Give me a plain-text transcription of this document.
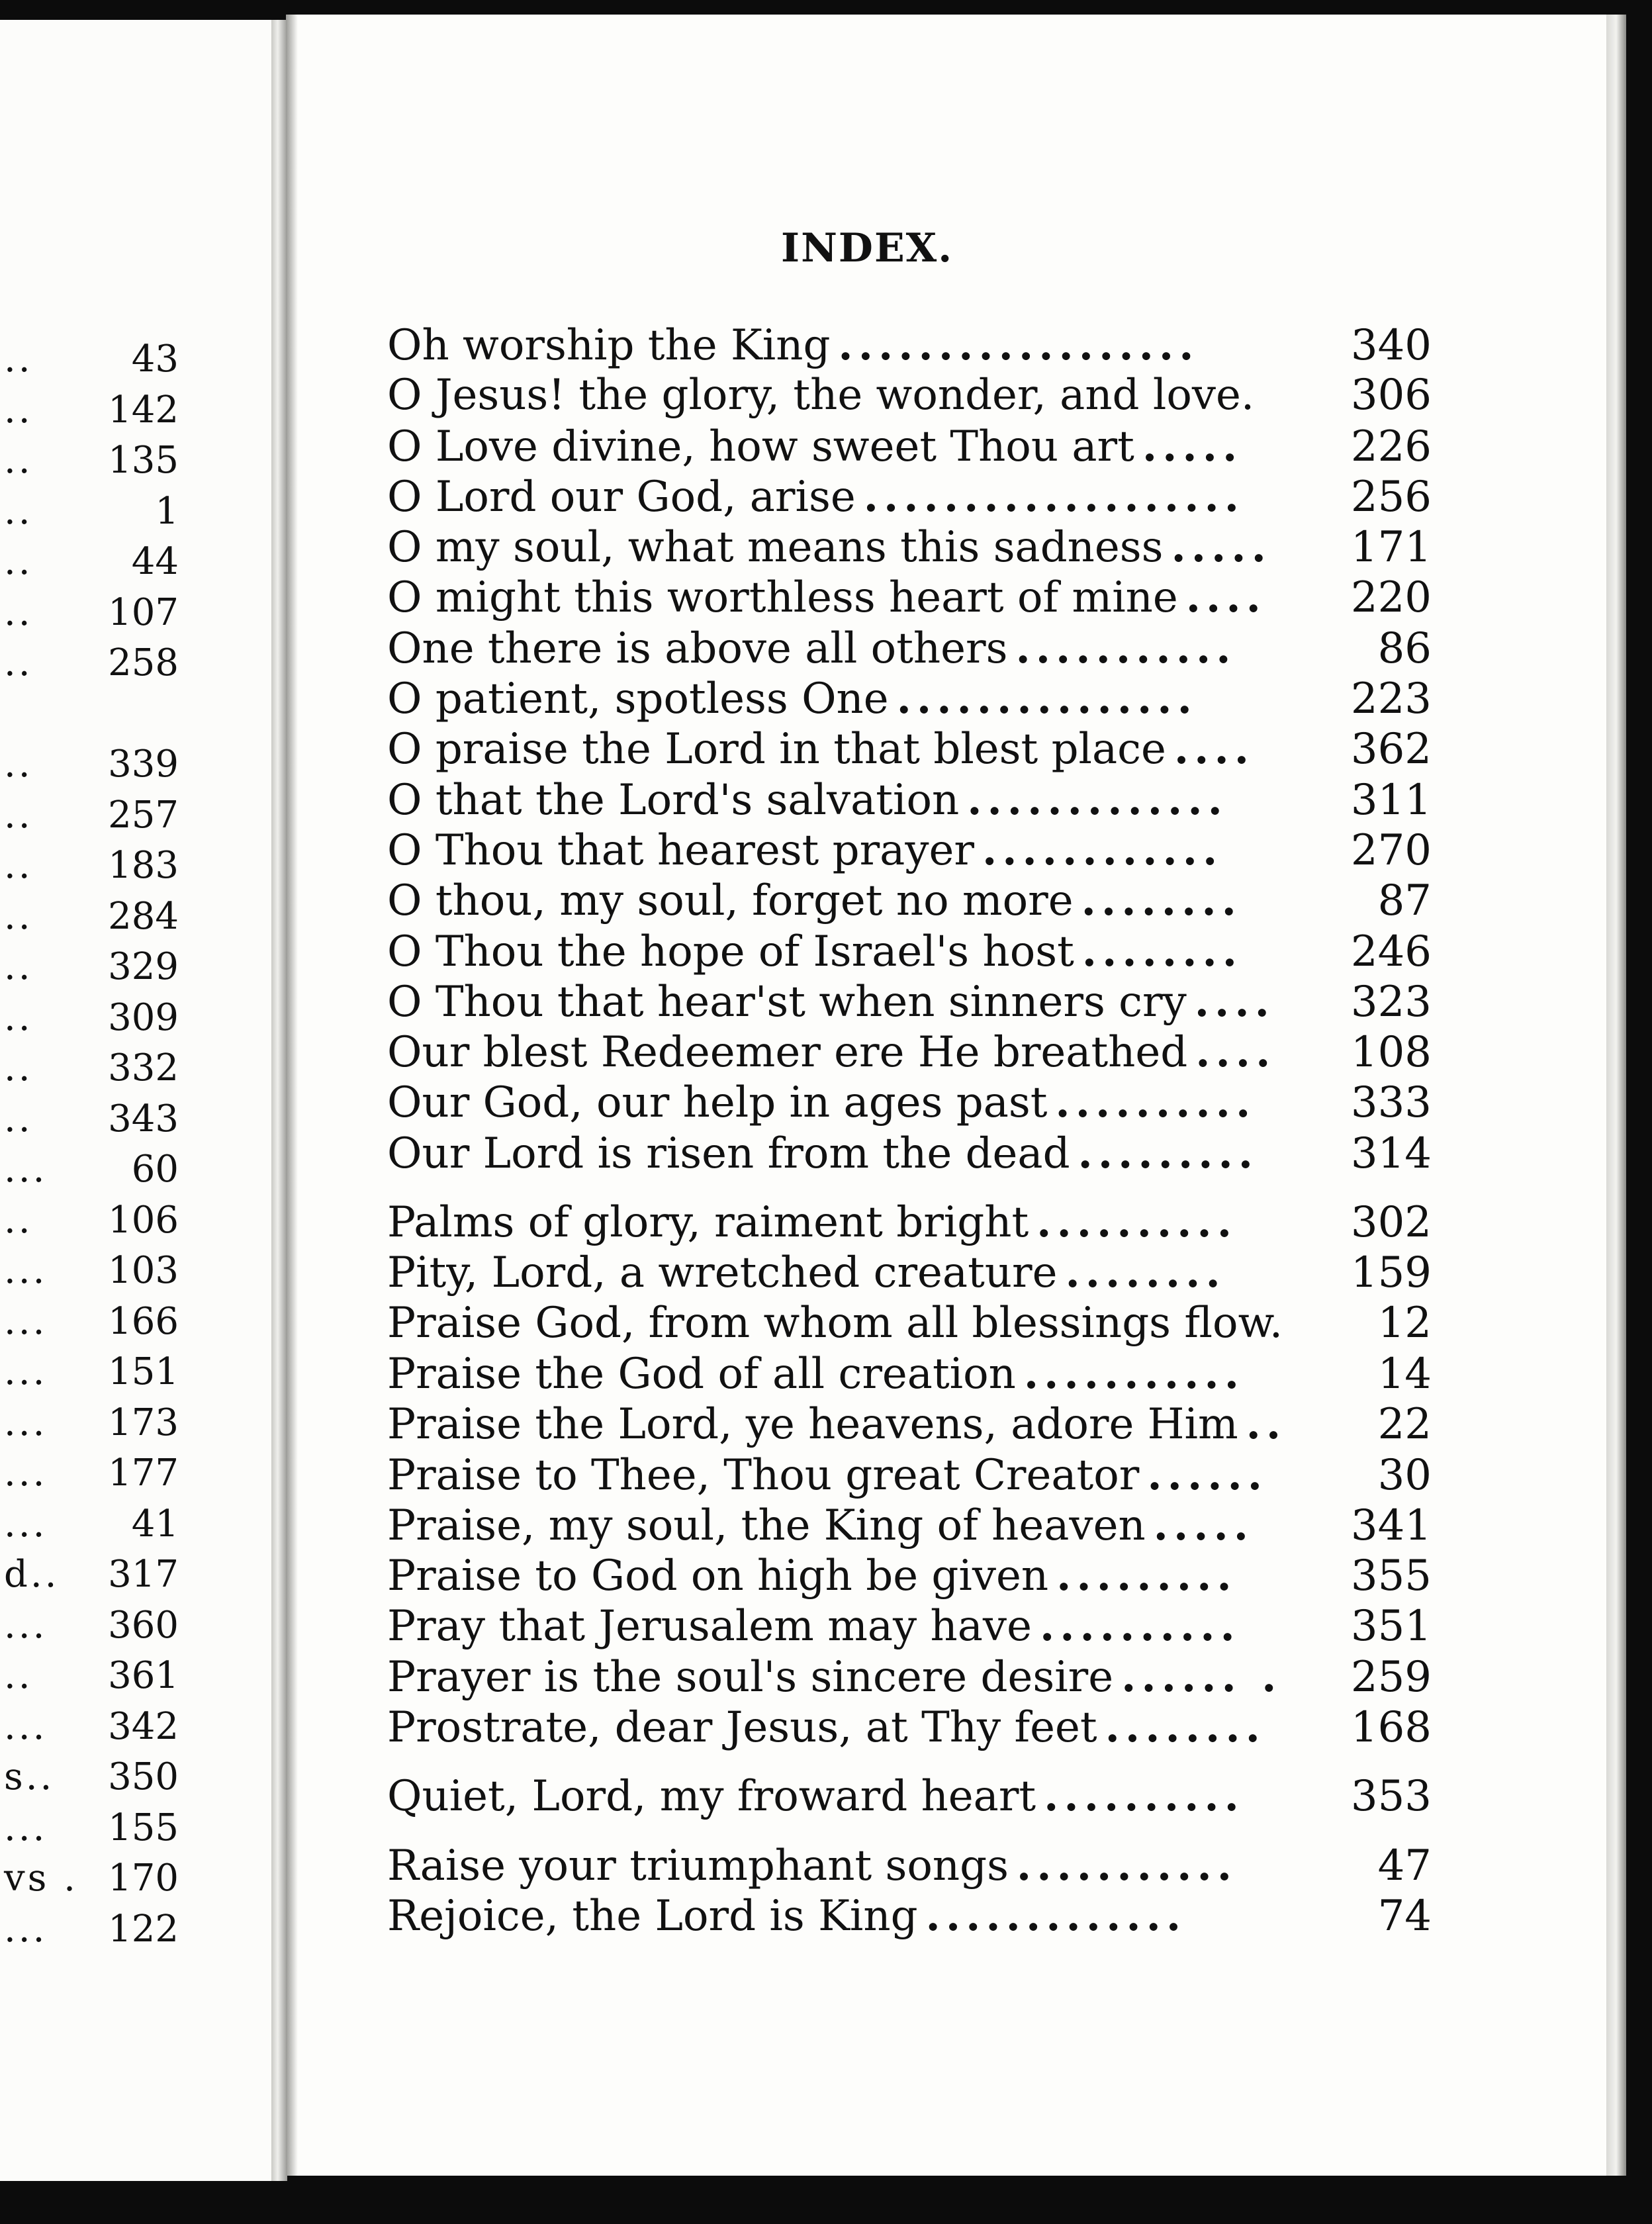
..	43
.. 142
.. 135
..	1
..	44
.. 107
.. 258
.. 339
.. 257
.. 183
.. 284
.. 329
.. 309
.. 332
.. 343
... 60
.. 106
... 103
... 166
... 151
... 173
... 177
... 41
d.. 317
... 360
.. 361
... 342
s.. 350
... 155
vs . 170
... 122
INDEX.
Oh worship the King ..................	340
O Jesus! the glory, the wonder, and love. 306
O Love divine, how sweet Thou art .....	226
O Lord our God, arise ...................	256
O my soul, what means this sadness .....	171
O might this worthless heart of mine ....	220
One there is above all others ...........	86
O patient, spotless One ...............	223
O praise the Lord in that blest place ....	362
O that the Lord's salvation .............	311
O Thou that hearest prayer ............	270
O thou, my soul, forget no more ........	87
O Thou the hope of Israel's host ........	246
O Thou that hear'st when sinners cry ....	323
Our blest Redeemer ere He breathed ....	108
Our God, our help in ages past ..........	333
Our Lord is risen from the dead .........	314
Palms of glory, raiment bright ..........	302
Pity, Lord, a wretched creature ........	159
Praise God, from whom all blessings flow.	12
Praise the God of all creation ...........	14
Praise the Lord, ye heavens, adore Him ..	22
Praise to Thee, Thou great Creator ......	30
Praise, my soul, the King of heaven .....	341
Praise to God on high be given .........	355
Pray that Jerusalem may have ..........	351
Prayer is the soul's sincere desire ...... .	259
Prostrate, dear Jesus, at Thy feet ........	168
Quiet, Lord, my froward heart ..........	353
Raise your triumphant songs ...........	47
Rejoice, the Lord is King .............	74
